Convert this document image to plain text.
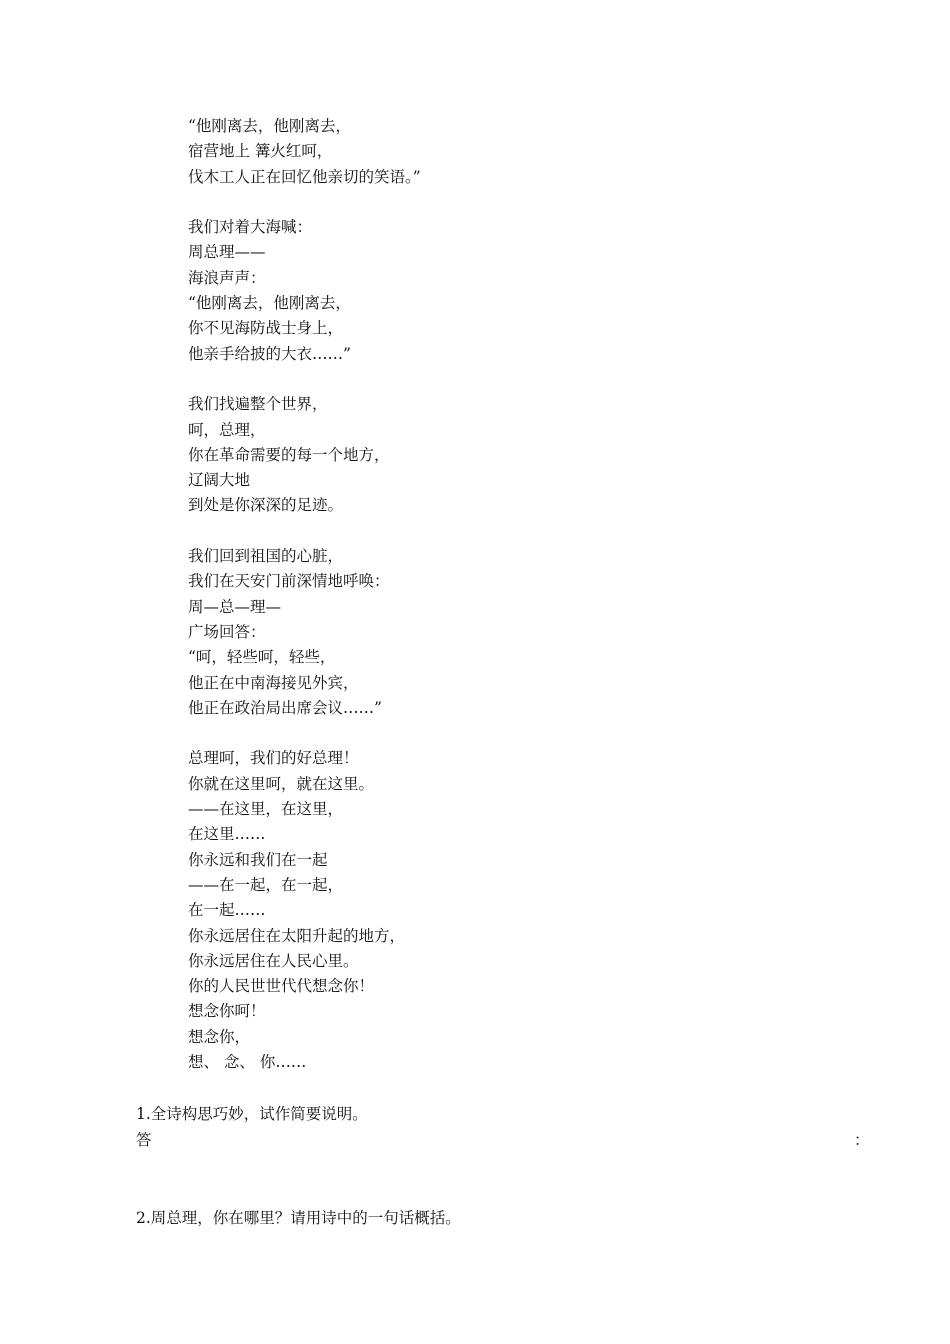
“他刚离去，他刚离去，
宿营地上 篝火红呵，
伐木工人正在回忆他亲切的笑语。”
我们对着大海喊：
周总理——
海浪声声：
“他刚离去，他刚离去，
你不见海防战士身上，
他亲手给披的大衣……”
我们找遍整个世界，
呵，总理，
你在革命需要的每一个地方，
辽阔大地
到处是你深深的足迹。
我们回到祖国的心脏，
我们在天安门前深情地呼唤：
周—总—理—
广场回答：
“呵，轻些呵，轻些，
他正在中南海接见外宾，
他正在政治局出席会议……”
总理呵，我们的好总理！
你就在这里呵，就在这里。
——在这里，在这里，
在这里……
你永远和我们在一起
——在一起，在一起，
在一起……
你永远居住在太阳升起的地方，
你永远居住在人民心里。
你的人民世世代代想念你！
想念你呵！
想念你，
想、 念、 你……
1.全诗构思巧妙，试作简要说明。
答	：
2.周总理，你在哪里？请用诗中的一句话概括。
